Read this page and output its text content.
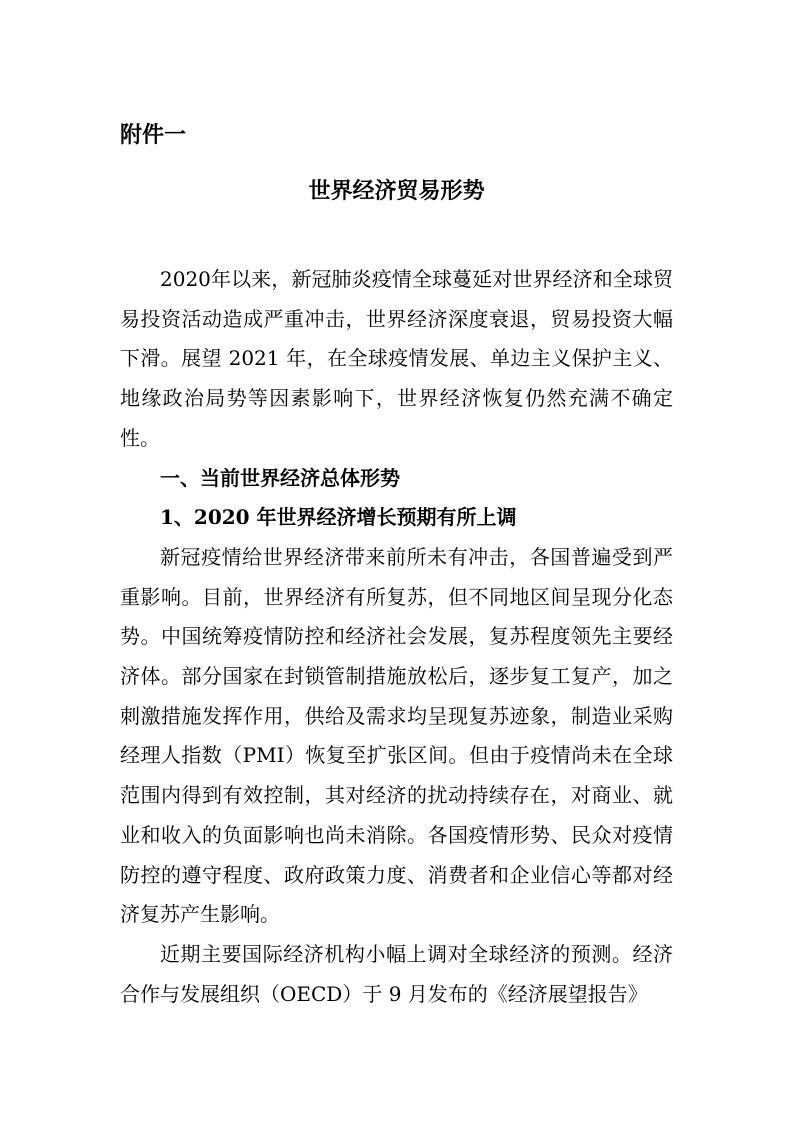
附件一

世界经济贸易形势

2020年以来，新冠肺炎疫情全球蔓延对世界经济和全球贸易投资活动造成严重冲击，世界经济深度衰退，贸易投资大幅下滑。展望 2021 年，在全球疫情发展、单边主义保护主义、地缘政治局势等因素影响下，世界经济恢复仍然充满不确定性。

一、当前世界经济总体形势
1、2020 年世界经济增长预期有所上调

新冠疫情给世界经济带来前所未有冲击，各国普遍受到严重影响。目前，世界经济有所复苏，但不同地区间呈现分化态势。中国统筹疫情防控和经济社会发展，复苏程度领先主要经济体。部分国家在封锁管制措施放松后，逐步复工复产，加之刺激措施发挥作用，供给及需求均呈现复苏迹象，制造业采购经理人指数（PMI）恢复至扩张区间。但由于疫情尚未在全球范围内得到有效控制，其对经济的扰动持续存在，对商业、就业和收入的负面影响也尚未消除。各国疫情形势、民众对疫情防控的遵守程度、政府政策力度、消费者和企业信心等都对经济复苏产生影响。

近期主要国际经济机构小幅上调对全球经济的预测。经济合作与发展组织（OECD）于 9 月发布的《经济展望报告》
